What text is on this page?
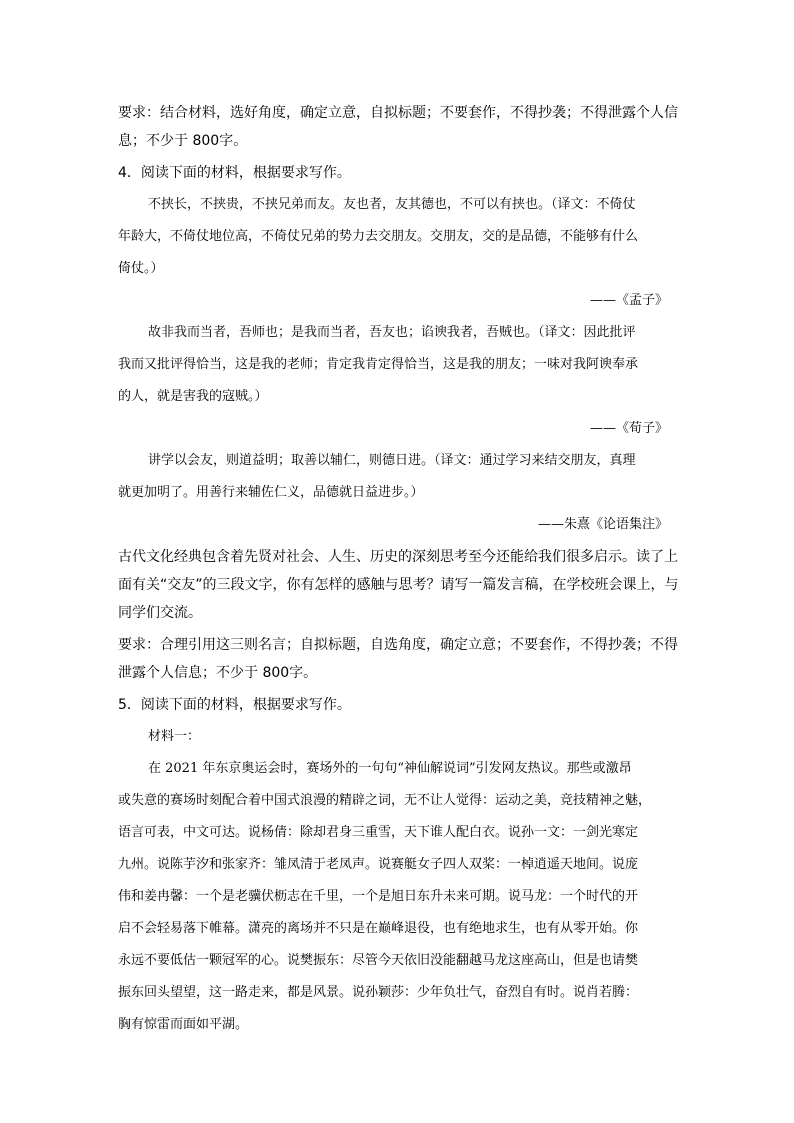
要求：结合材料，选好角度，确定立意，自拟标题；不要套作，不得抄袭；不得泄露个人信
息；不少于 800字。
4．阅读下面的材料，根据要求写作。
不挟长，不挟贵，不挟兄弟而友。友也者，友其德也，不可以有挟也。（译文：不倚仗
年龄大，不倚仗地位高，不倚仗兄弟的势力去交朋友。交朋友，交的是品德，不能够有什么
倚仗。）
——《孟子》
故非我而当者，吾师也；是我而当者，吾友也；谄谀我者，吾贼也。（译文：因此批评
我而又批评得恰当，这是我的老师；肯定我肯定得恰当，这是我的朋友；一味对我阿谀奉承
的人，就是害我的寇贼。）
——《荀子》
讲学以会友，则道益明；取善以辅仁，则德日进。（译文：通过学习来结交朋友，真理
就更加明了。用善行来辅佐仁义，品德就日益进步。）
——朱熹《论语集注》
古代文化经典包含着先贤对社会、人生、历史的深刻思考至今还能给我们很多启示。读了上
面有关“交友”的三段文字，你有怎样的感触与思考？请写一篇发言稿，在学校班会课上，与
同学们交流。
要求：合理引用这三则名言；自拟标题，自选角度，确定立意；不要套作，不得抄袭；不得
泄露个人信息；不少于 800字。
5．阅读下面的材料，根据要求写作。
材料一：
在 2021 年东京奥运会时，赛场外的一句句“神仙解说词”引发网友热议。那些或激昂
或失意的赛场时刻配合着中国式浪漫的精辟之词，无不让人觉得：运动之美，竞技精神之魅，
语言可表，中文可达。说杨倩：除却君身三重雪，天下谁人配白衣。说孙一文：一剑光寒定
九州。说陈芋汐和张家齐：雏凤清于老凤声。说赛艇女子四人双桨：一棹逍遥天地间。说庞
伟和姜冉馨：一个是老骥伏枥志在千里，一个是旭日东升未来可期。说马龙：一个时代的开
启不会轻易落下帷幕。潇亮的离场并不只是在巅峰退役，也有绝地求生，也有从零开始。你
永远不要低估一颗冠军的心。说樊振东：尽管今天依旧没能翻越马龙这座高山，但是也请樊
振东回头望望，这一路走来，都是风景。说孙颖莎：少年负壮气，奋烈自有时。说肖若腾：
胸有惊雷而面如平湖。
